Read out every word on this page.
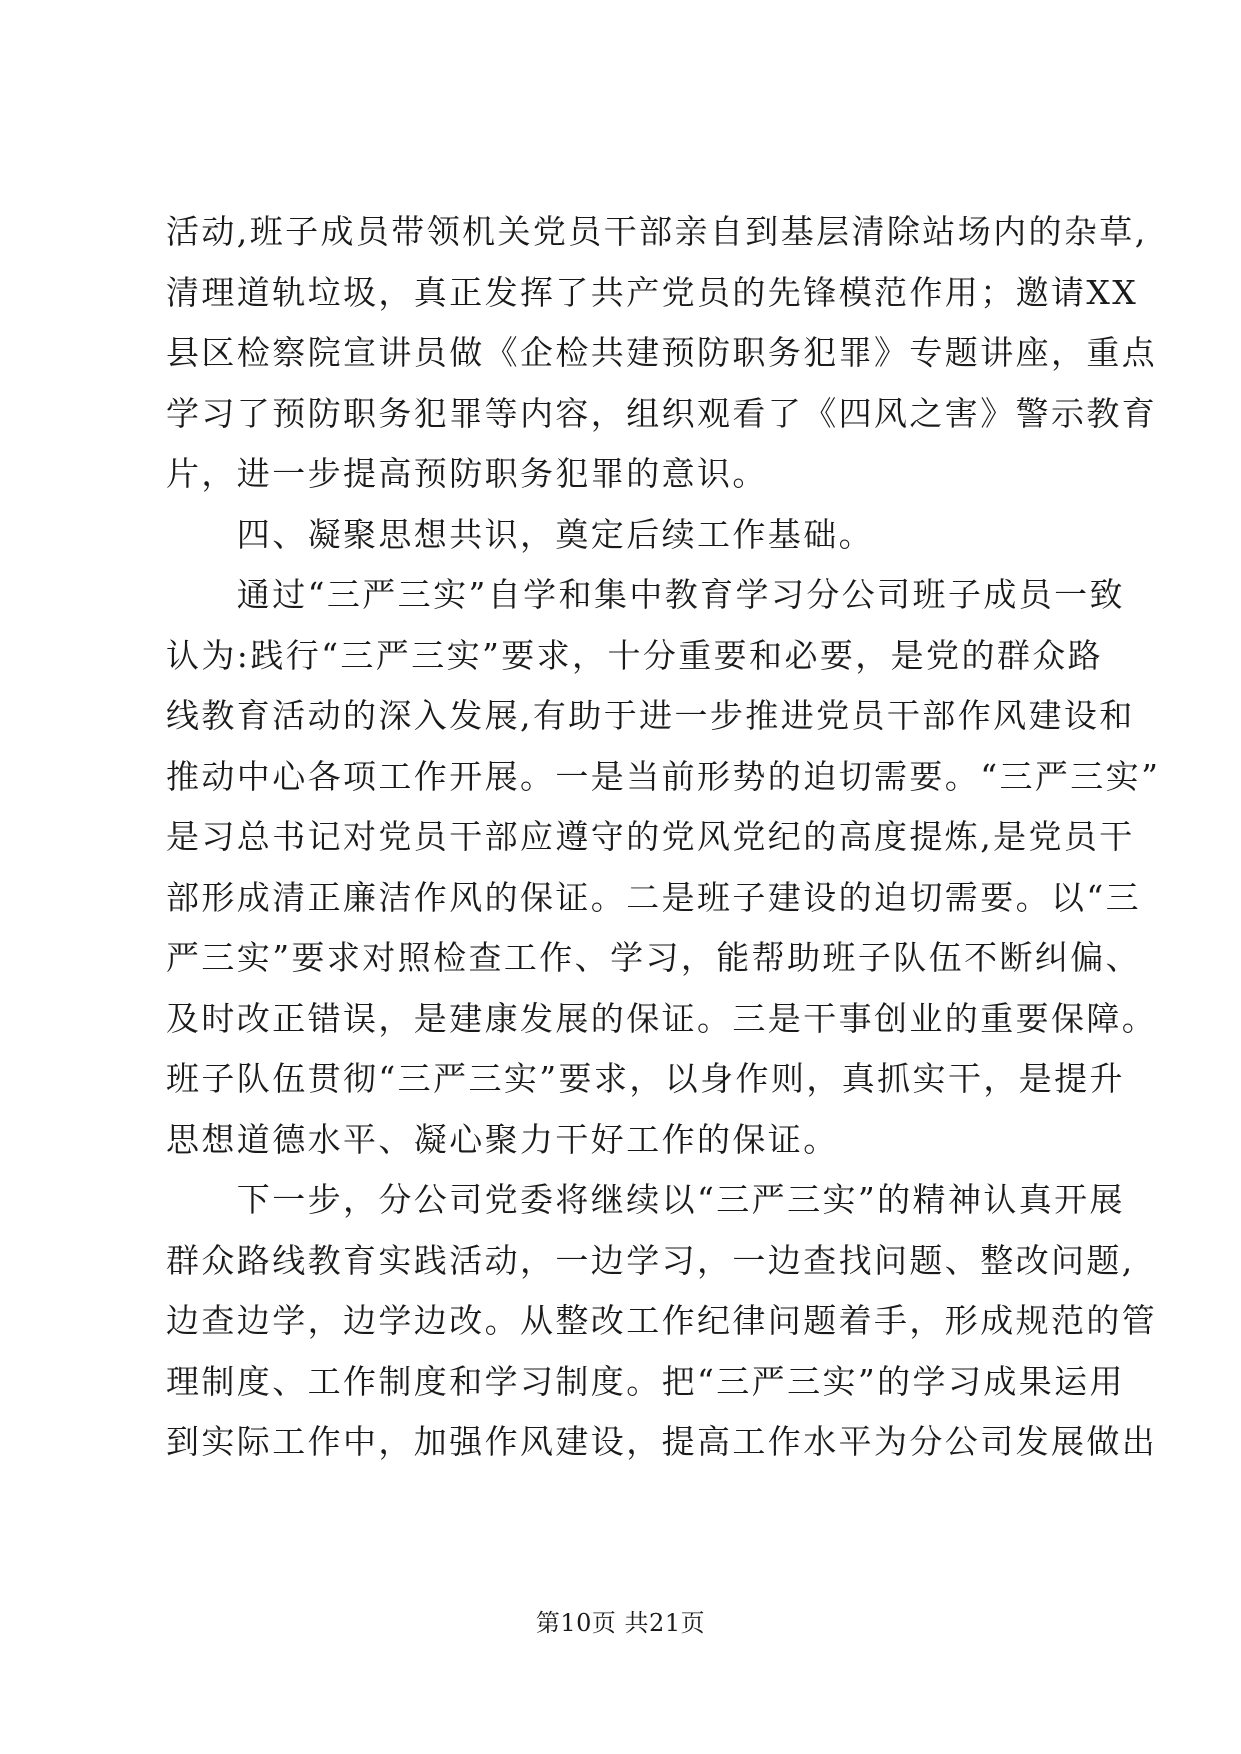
活动,班子成员带领机关党员干部亲自到基层清除站场内的杂草,
清理道轨垃圾，真正发挥了共产党员的先锋模范作用；邀请XX
县区检察院宣讲员做《企检共建预防职务犯罪》专题讲座，重点
学习了预防职务犯罪等内容，组织观看了《四风之害》警示教育
片，进一步提高预防职务犯罪的意识。
　　四、凝聚思想共识，奠定后续工作基础。
　　通过“三严三实”自学和集中教育学习分公司班子成员一致
认为:践行“三严三实”要求，十分重要和必要，是党的群众路
线教育活动的深入发展,有助于进一步推进党员干部作风建设和
推动中心各项工作开展。一是当前形势的迫切需要。“三严三实”
是习总书记对党员干部应遵守的党风党纪的高度提炼,是党员干
部形成清正廉洁作风的保证。二是班子建设的迫切需要。以“三
严三实”要求对照检查工作、学习，能帮助班子队伍不断纠偏、
及时改正错误，是建康发展的保证。三是干事创业的重要保障。
班子队伍贯彻“三严三实”要求，以身作则，真抓实干，是提升
思想道德水平、凝心聚力干好工作的保证。
　　下一步，分公司党委将继续以“三严三实”的精神认真开展
群众路线教育实践活动，一边学习，一边查找问题、整改问题,
边查边学，边学边改。从整改工作纪律问题着手，形成规范的管
理制度、工作制度和学习制度。把“三严三实”的学习成果运用
到实际工作中，加强作风建设，提高工作水平为分公司发展做出
第10页 共21页
